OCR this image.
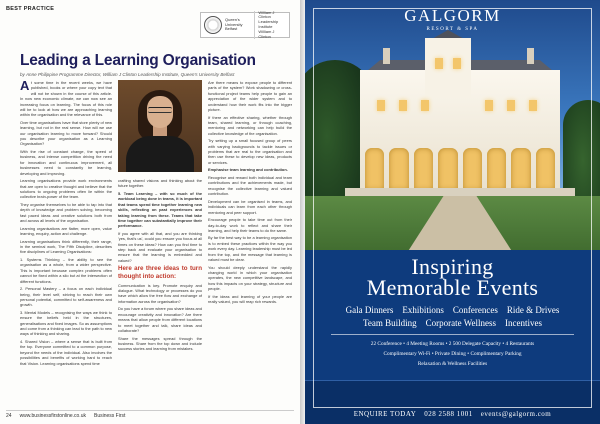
BEST PRACTICE
Queen's University
Belfast
William J Clinton
Leadership Institute
William J Clinton
Leading a Learning Organisation
by Anne Philippine Programme Director, William J Clinton Leadership Institute, Queen's University Belfast

At some time in the recent weeks, we have published, books or where your copy text that will not be shown in the course of this article. In now new economic climate, we can now see an increasing focus on learning. The focus of this role will be to look at how we are approaching learning within the organisation and the relevance of this.

Over time organisations have that store plenty of new learning, but not in the real sense. How will we use our organisation learning to move forward? Should you describe your organisation as a Learning Organisation?

With the rise of constant change, the speed of business, and intense competition driving the need for innovation and continuous improvement, all businesses need to constantly be learning, developing and improving.

Learning organisations provide work environments that are open to creative thought and believe that the solutions to ongoing problems often lie within the collective brain-power of the team.

They organise themselves to be able to tap into that depth of knowledge and problem solving, becoming fast paced ideas and creative solutions both from and across all levels of the organisation.

Learning organisations are flatter, more open, value learning, enquiry, action and challenge.

Learning organisations think differently, their range, in the seminal work, The Fifth Discipline, describes five disciplines of Learning Organisations:

1. Systems Thinking – the ability to see the organisation as a whole, from a wider perspective. This is important because complex problems often cannot be fixed within a silo but at the intersection of different functions.

2. Personal Mastery – a focus on each individual being, their level self, striving to reach their own personal potential, committed to self-awareness and growth.

3. Mental Models – recognising the ways we think to ensure the beliefs held in the structures, generalisations and fixed images. So as assumptions and come from a thinking can lead to the path to new ways of thinking and sharing.

4. Shared Vision – where a sense that is built from the top. Everyone committed to a common purpose, beyond the needs of the individual. Also involves the possibilities and benefits of working hard to reach that Vision. Learning organisations spend time

crafting shared visions and thinking about the future together.

5. Team Learning – with so much of the workload being done in teams, it is important that teams spend time together learning new skills, reflecting on past experiences and taking learning from these. Teams that take time together can substantially improve their performance.

If you agree with all that, and you are thinking 'yes, that's us', could you ensure you focus at all times on these ideas? How can you find time to step back and evaluate your organisation to ensure that the learning is embedded and valued?

Here are three ideas to turn thought into action:

Communication is key. Promote enquiry and dialogue. What technology or processes do you have which allow the free flow and exchange of information across the organisation?

Do you have a forum where you share ideas and encourage creativity and innovation? Are there means that allow people from different locations to meet together and talk, share ideas and collaborate?

Share the messages spread through the business. Share from the top down and include success stories and learning from mistakes.

Are there means to expose people to different parts of the system? Work shadowing or cross-functional project teams help people to gain an appreciation of the wider system and to understand how their work fits into the bigger picture.

If there an effective sharing, whether through team, shared learning, or through coaching, mentoring and networking can help build the collective knowledge of the organisation.

Try setting up a small focused group of peers with varying backgrounds to tackle issues or problems that are real to the organisation and then use these to develop new ideas, products or services.

Emphasise team learning and contribution.

Recognise and reward both individual and team contributions and the achievements made, but recognise the collective learning and valued contribution.

Development can be organised in teams, and individuals can learn from each other through mentoring and peer support.

Encourage people to take time out from their day-to-day work to reflect and share their learning, and help their teams to do the same.

By far the best way to be a learning organisation is to embed these practices within the way you work every day. Learning leadership must be led from the top, and the message that learning is valued must be clear.

You should deeply understand the rapidly changing world in which your organisation operates, the new competitive landscape, and how this impacts on your strategy, structure and people.

If the ideas and learning of your people are really valued, you will reap rich rewards.

24 www.businessfirstonline.co.uk Business First
GALGORM
RESORT & SPA
Inspiring
Memorable Events
Gala Dinners Exhibitions Conferences Ride & Drives
Team Building Corporate Wellness Incentives
22 Conference • 4 Meeting Rooms • 2 500 Delegate Capacity • 4 Restaurants
Complimentary Wi-Fi • Private Dining • Complimentary Parking
Relaxation & Wellness Facilities
ENQUIRE TODAY 028 2588 1001 events@galgorm.com
